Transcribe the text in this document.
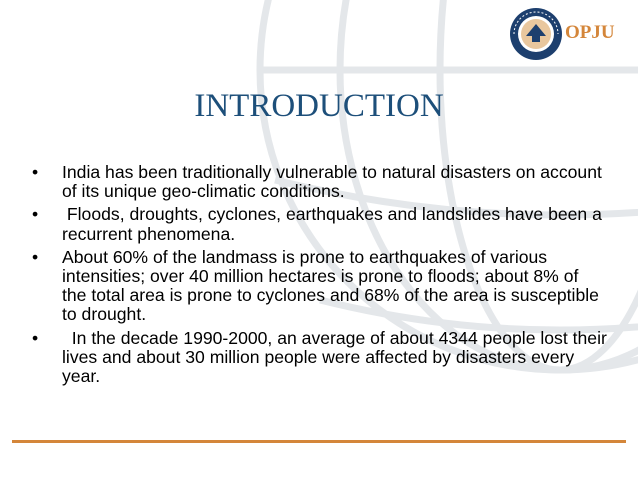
OPJU
INTRODUCTION
•	India has been traditionally vulnerable to natural disasters on account of its unique geo-climatic conditions.
•	Floods, droughts, cyclones, earthquakes and landslides have been a recurrent phenomena.
•	About 60% of the landmass is prone to earthquakes of various intensities; over 40 million hectares is prone to floods; about 8% of the total area is prone to cyclones and 68% of the area is susceptible to drought.
•	In the decade 1990-2000, an average of about 4344 people lost their lives and about 30 million people were affected by disasters every year.
